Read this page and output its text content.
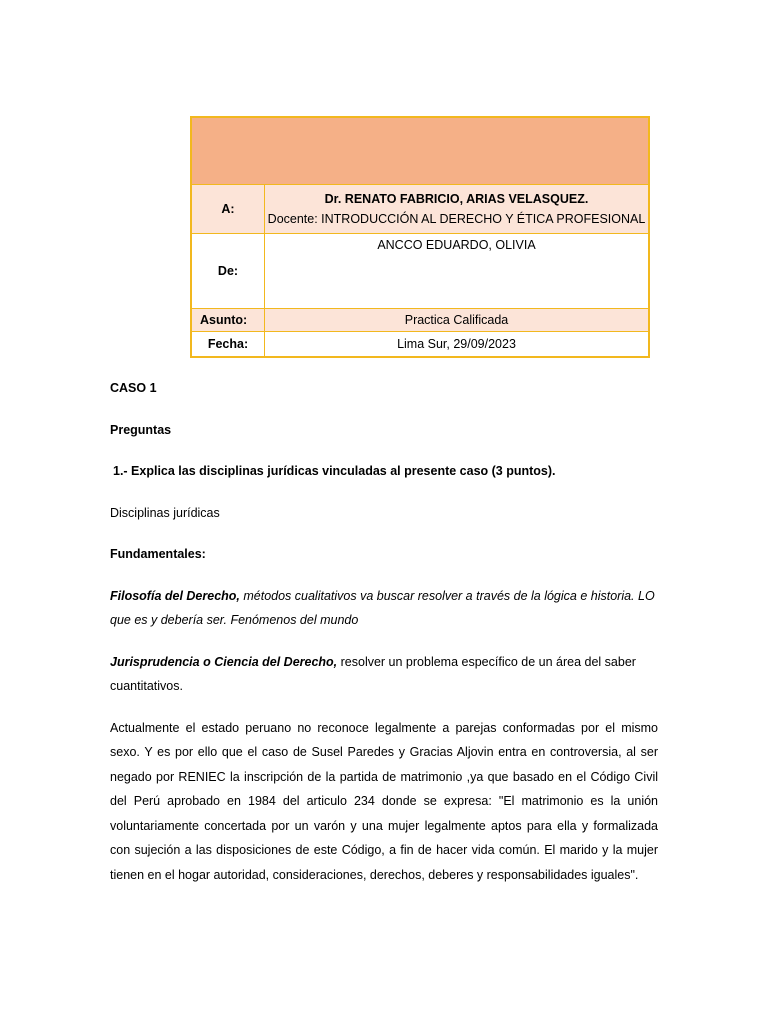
A:	Dr. RENATO FABRICIO, ARIAS VELASQUEZ.
Docente: INTRODUCCIÓN AL DERECHO Y ÉTICA PROFESIONAL

De:	ANCCO EDUARDO, OLIVIA
Asunto:	Practica Calificada
Fecha:	Lima Sur, 29/09/2023

CASO 1

Preguntas

1.- Explica las disciplinas jurídicas vinculadas al presente caso (3 puntos).

Disciplinas jurídicas

Fundamentales:

Filosofía del Derecho, métodos cualitativos va buscar resolver a través de la lógica e historia. LO que es y debería ser. Fenómenos del mundo

Jurisprudencia o Ciencia del Derecho, resolver un problema específico de un área del saber cuantitativos.

Actualmente el estado peruano no reconoce legalmente a parejas conformadas por el mismo sexo. Y es por ello que el caso de Susel Paredes y Gracias Aljovin entra en controversia, al ser negado por RENIEC la inscripción de la partida de matrimonio ,ya que basado en el Código Civil del Perú aprobado en 1984 del articulo 234 donde se expresa: "El matrimonio es la unión voluntariamente concertada por un varón y una mujer legalmente aptos para ella y formalizada con sujeción a las disposiciones de este Código, a fin de hacer vida común. El marido y la mujer tienen en el hogar autoridad, consideraciones, derechos, deberes y responsabilidades iguales".
